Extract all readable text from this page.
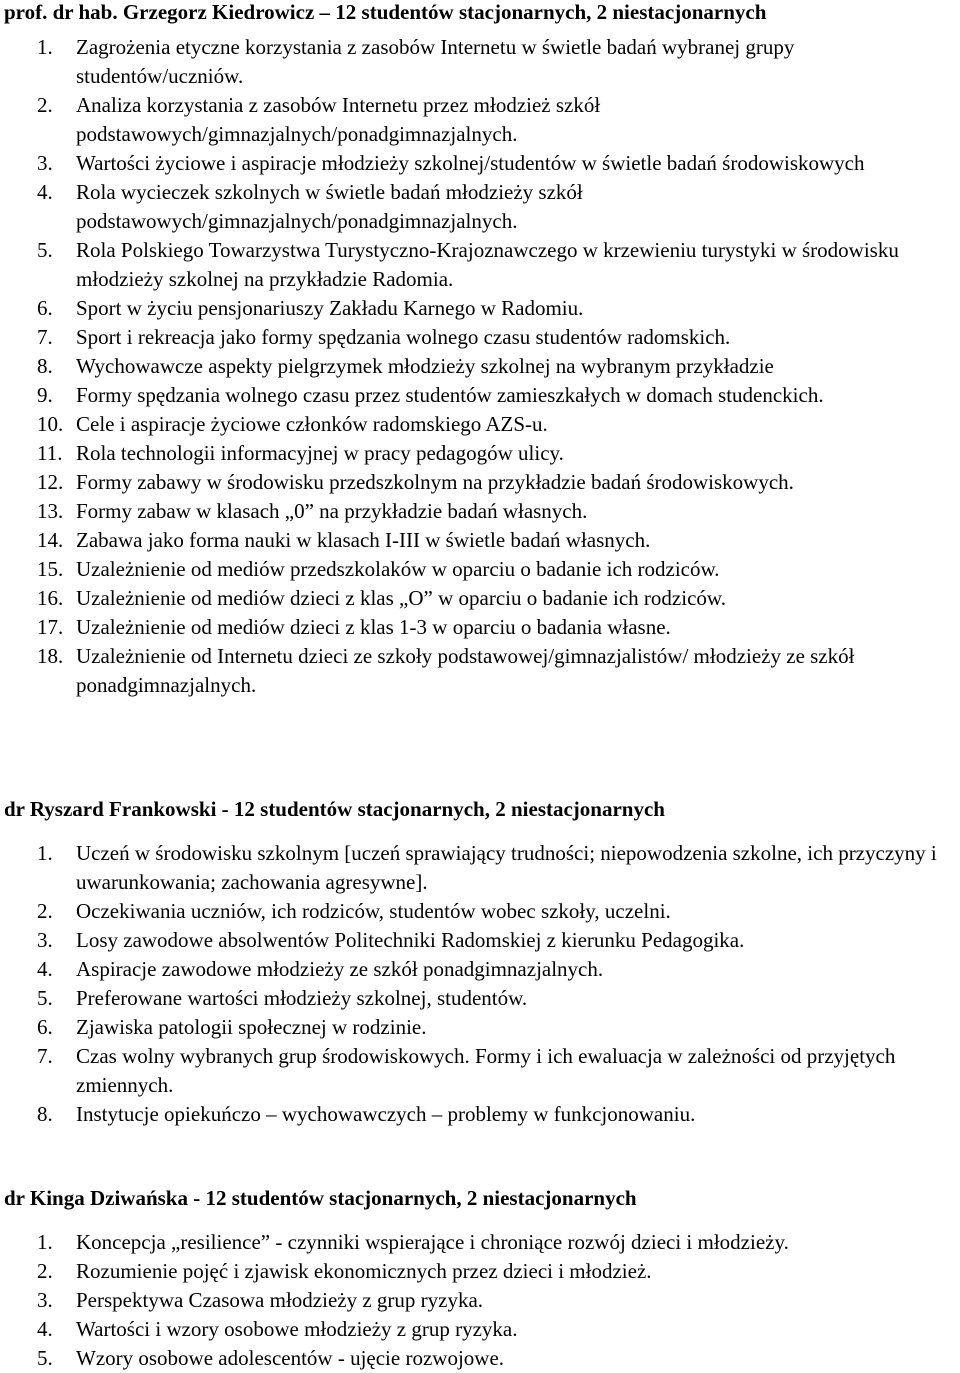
prof. dr hab. Grzegorz Kiedrowicz – 12 studentów stacjonarnych, 2 niestacjonarnych
1. Zagrożenia etyczne korzystania z zasobów Internetu w świetle badań wybranej grupy studentów/uczniów.
2. Analiza korzystania z zasobów Internetu przez młodzież szkół podstawowych/gimnazjalnych/ponadgimnazjalnych.
3. Wartości życiowe i aspiracje młodzieży szkolnej/studentów w świetle badań środowiskowych
4. Rola wycieczek szkolnych w świetle badań młodzieży szkół podstawowych/gimnazjalnych/ponadgimnazjalnych.
5. Rola Polskiego Towarzystwa Turystyczno-Krajoznawczego w krzewieniu turystyki w środowisku młodzieży szkolnej na przykładzie Radomia.
6. Sport w życiu pensjonariuszy Zakładu Karnego w Radomiu.
7. Sport i rekreacja jako formy spędzania wolnego czasu studentów radomskich.
8. Wychowawcze aspekty pielgrzymek młodzieży szkolnej na wybranym przykładzie
9. Formy spędzania wolnego czasu przez studentów zamieszkałych w domach studenckich.
10. Cele i aspiracje życiowe członków radomskiego AZS-u.
11. Rola technologii informacyjnej w pracy pedagogów ulicy.
12. Formy zabawy w środowisku przedszkolnym na przykładzie badań środowiskowych.
13. Formy zabaw w klasach „0” na przykładzie badań własnych.
14. Zabawa jako forma nauki w klasach I-III w świetle badań własnych.
15. Uzależnienie od mediów przedszkolaków w oparciu o badanie ich rodziców.
16. Uzależnienie od mediów dzieci z klas „O” w oparciu o badanie ich rodziców.
17. Uzależnienie od mediów dzieci z klas 1-3 w oparciu o badania własne.
18. Uzależnienie od Internetu dzieci ze szkoły podstawowej/gimnazjalistów/ młodzieży ze szkół ponadgimnazjalnych.
dr Ryszard Frankowski - 12 studentów stacjonarnych, 2 niestacjonarnych
1. Uczeń w środowisku szkolnym [uczeń sprawiający trudności; niepowodzenia szkolne, ich przyczyny i uwarunkowania; zachowania agresywne].
2. Oczekiwania uczniów, ich rodziców, studentów wobec szkoły, uczelni.
3. Losy zawodowe absolwentów Politechniki Radomskiej z kierunku Pedagogika.
4. Aspiracje zawodowe młodzieży ze szkół ponadgimnazjalnych.
5. Preferowane wartości młodzieży szkolnej, studentów.
6. Zjawiska patologii społecznej w rodzinie.
7. Czas wolny wybranych grup środowiskowych. Formy i ich ewaluacja w zależności od przyjętych zmiennych.
8. Instytucje opiekuńczo – wychowawczych – problemy w funkcjonowaniu.
dr Kinga Dziwańska - 12 studentów stacjonarnych, 2 niestacjonarnych
1. Koncepcja „resilience” - czynniki wspierające i chroniące rozwój dzieci i młodzieży.
2. Rozumienie pojęć i zjawisk ekonomicznych przez dzieci i młodzież.
3. Perspektywa Czasowa młodzieży z grup ryzyka.
4. Wartości i wzory osobowe młodzieży z grup ryzyka.
5. Wzory osobowe adolescentów - ujęcie rozwojowe.
